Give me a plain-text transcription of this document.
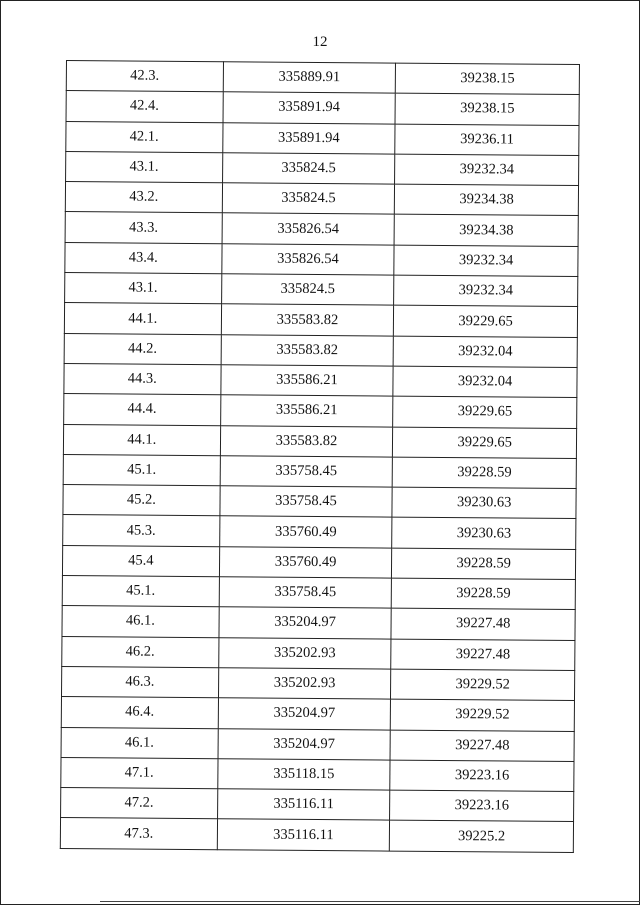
12
42.3.	335889.91	39238.15
42.4.	335891.94	39238.15
42.1.	335891.94	39236.11
43.1.	335824.5	39232.34
43.2.	335824.5	39234.38
43.3.	335826.54	39234.38
43.4.	335826.54	39232.34
43.1.	335824.5	39232.34
44.1.	335583.82	39229.65
44.2.	335583.82	39232.04
44.3.	335586.21	39232.04
44.4.	335586.21	39229.65
44.1.	335583.82	39229.65
45.1.	335758.45	39228.59
45.2.	335758.45	39230.63
45.3.	335760.49	39230.63
45.4	335760.49	39228.59
45.1.	335758.45	39228.59
46.1.	335204.97	39227.48
46.2.	335202.93	39227.48
46.3.	335202.93	39229.52
46.4.	335204.97	39229.52
46.1.	335204.97	39227.48
47.1.	335118.15	39223.16
47.2.	335116.11	39223.16
47.3.	335116.11	39225.2
